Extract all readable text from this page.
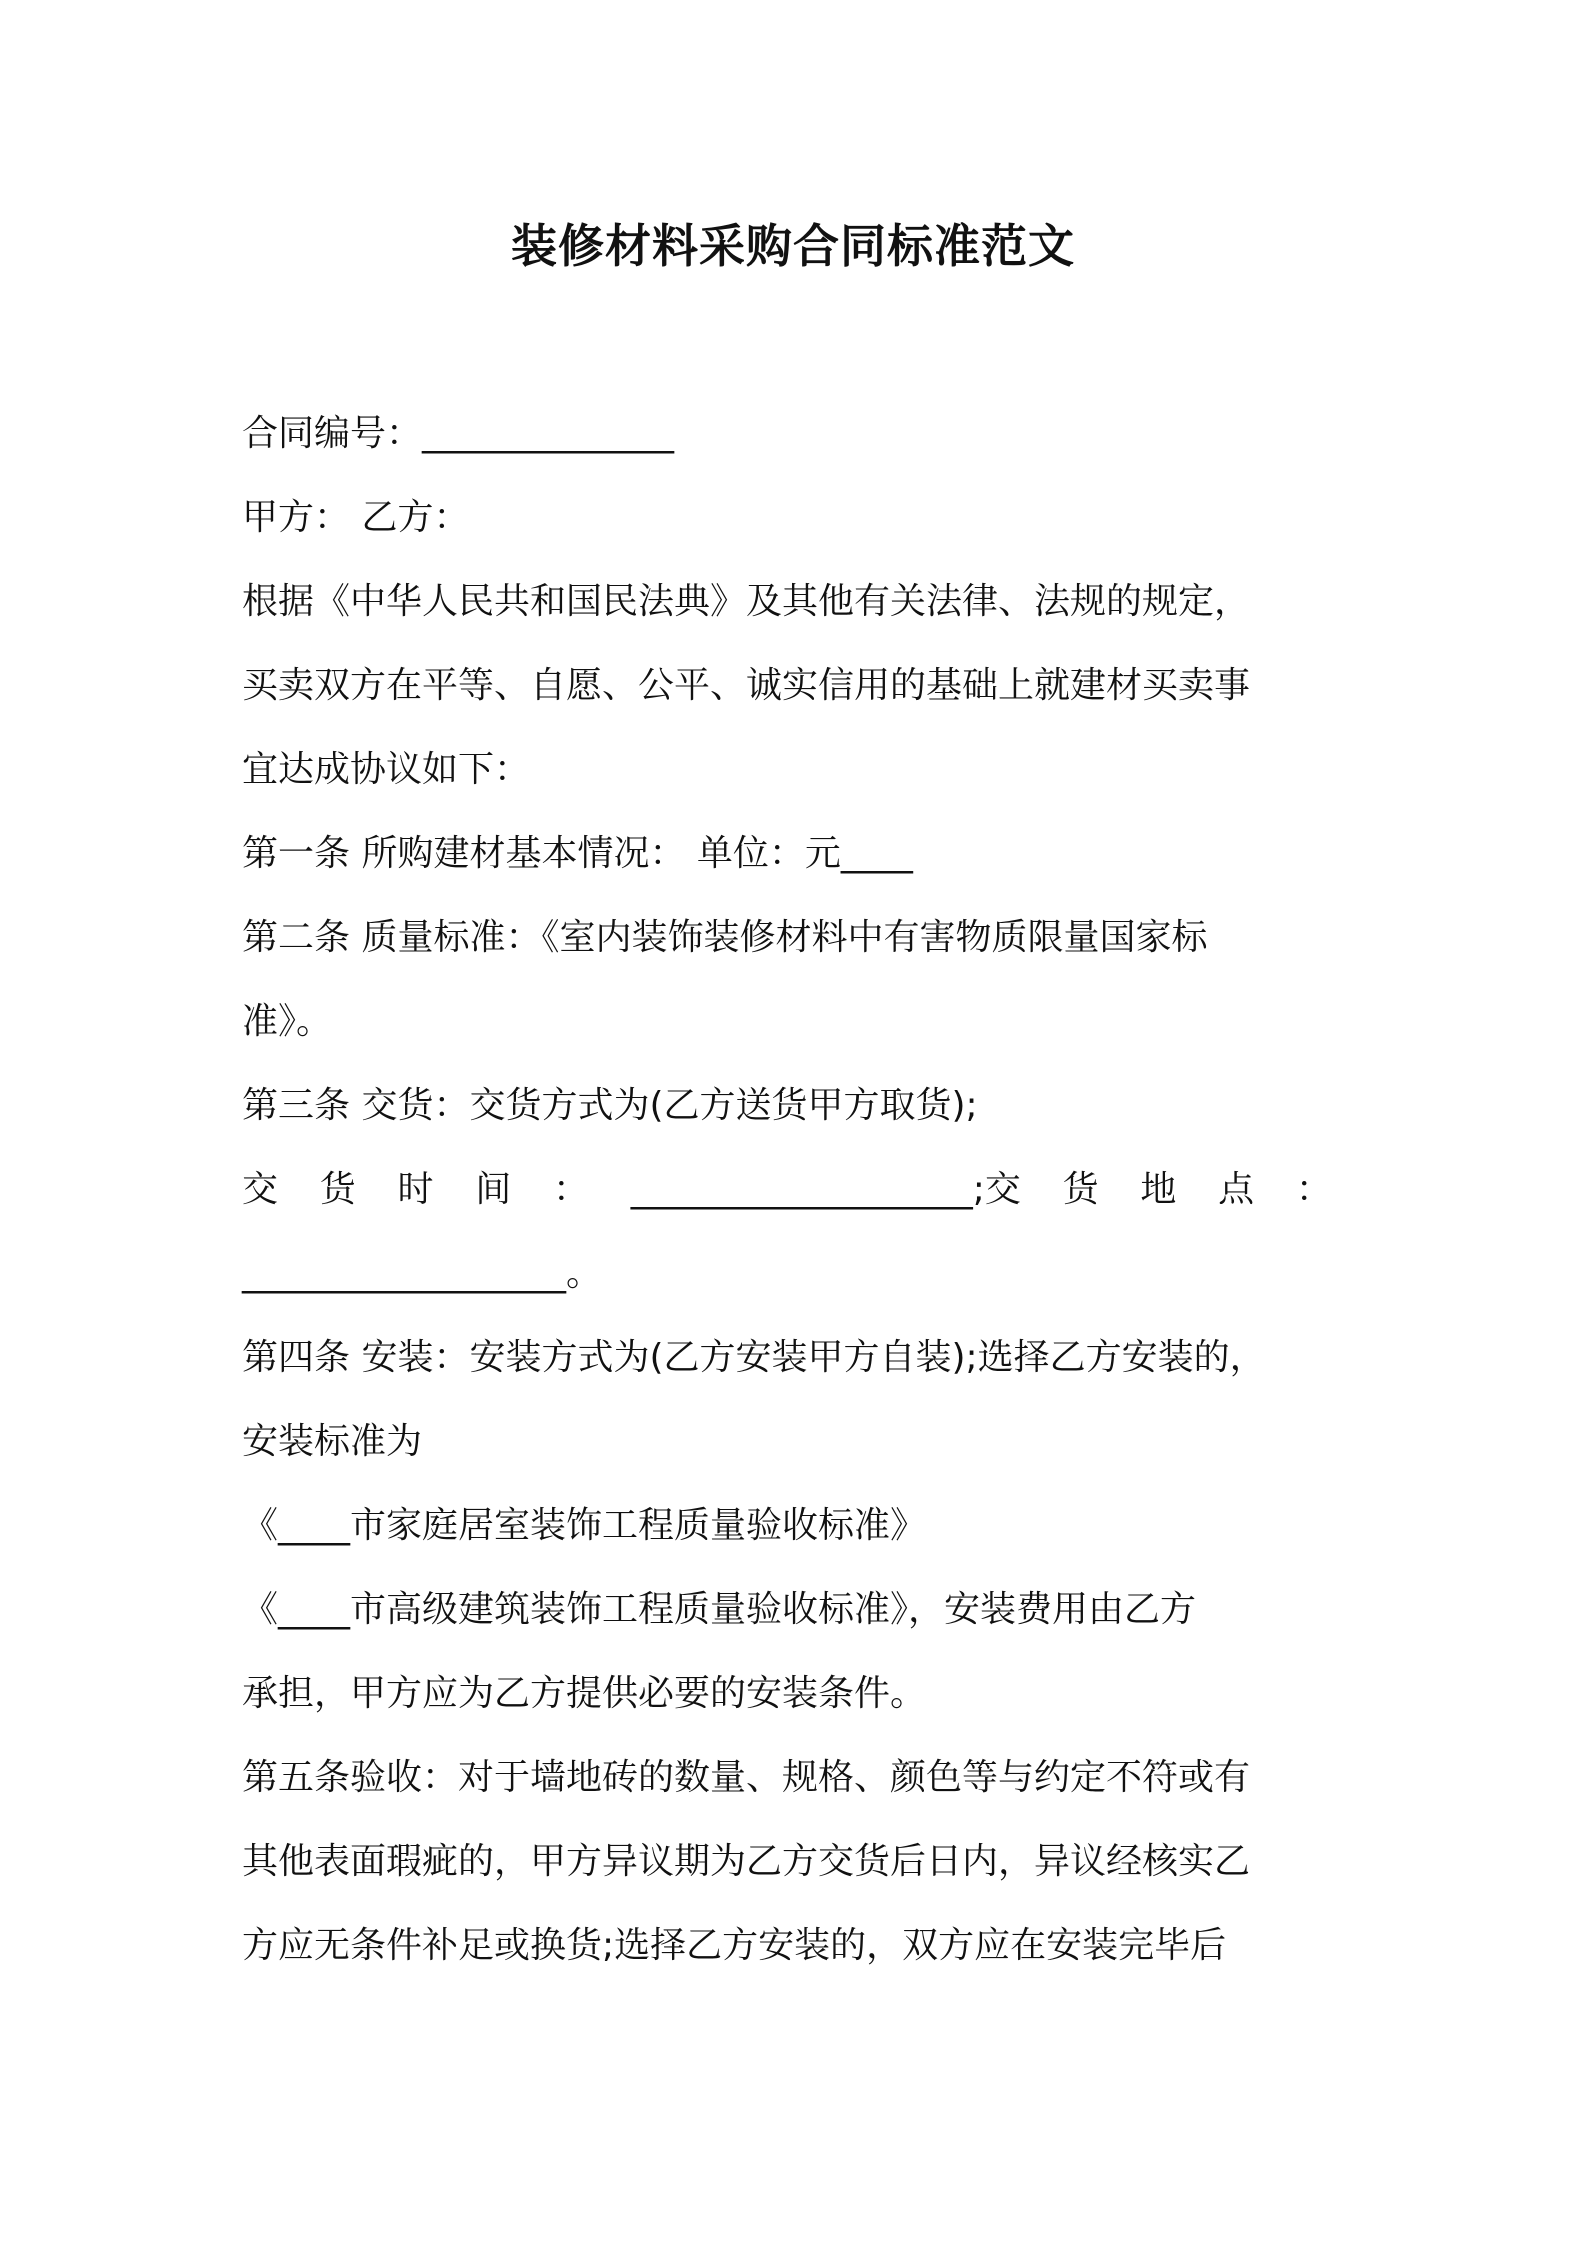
装修材料采购合同标准范文
合同编号：______________
甲方： 乙方：
根据《中华人民共和国民法典》及其他有关法律、法规的规定，
买卖双方在平等、自愿、公平、诚实信用的基础上就建材买卖事
宜达成协议如下：
第一条 所购建材基本情况： 单位：元____
第二条 质量标准：《室内装饰装修材料中有害物质限量国家标
准》。
第三条 交货：交货方式为(乙方送货甲方取货);
交 货 时 间 ： ___________________;交 货 地 点 ：
__________________。
第四条 安装：安装方式为(乙方安装甲方自装);选择乙方安装的，
安装标准为
《____市家庭居室装饰工程质量验收标准》
《____市高级建筑装饰工程质量验收标准》，安装费用由乙方
承担，甲方应为乙方提供必要的安装条件。
第五条验收：对于墙地砖的数量、规格、颜色等与约定不符或有
其他表面瑕疵的，甲方异议期为乙方交货后日内，异议经核实乙
方应无条件补足或换货;选择乙方安装的，双方应在安装完毕后
